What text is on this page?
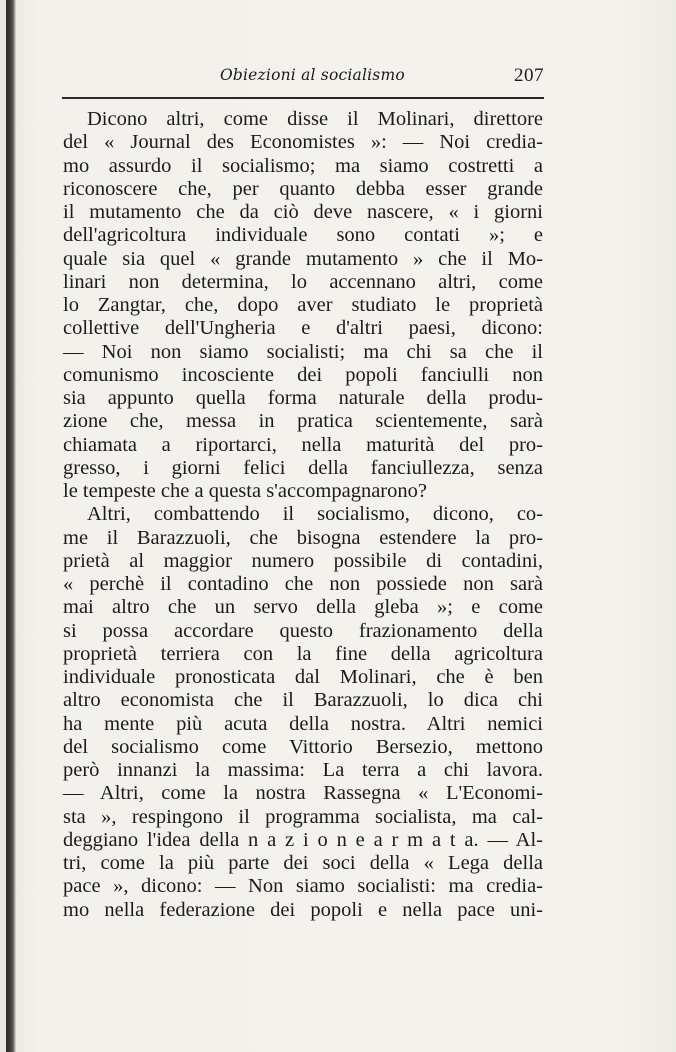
Obiezioni al socialismo	207
Dicono altri, come disse il Molinari, direttore
del « Journal des Economistes »: — Noi credia-
mo assurdo il socialismo; ma siamo costretti a
riconoscere che, per quanto debba esser grande
il mutamento che da ciò deve nascere, « i giorni
dell'agricoltura individuale sono contati »; e
quale sia quel « grande mutamento » che il Mo-
linari non determina, lo accennano altri, come
lo Zangtar, che, dopo aver studiato le proprietà
collettive dell'Ungheria e d'altri paesi, dicono:
— Noi non siamo socialisti; ma chi sa che il
comunismo incosciente dei popoli fanciulli non
sia appunto quella forma naturale della produ-
zione che, messa in pratica scientemente, sarà
chiamata a riportarci, nella maturità del pro-
gresso, i giorni felici della fanciullezza, senza
le tempeste che a questa s'accompagnarono?
Altri, combattendo il socialismo, dicono, co-
me il Barazzuoli, che bisogna estendere la pro-
prietà al maggior numero possibile di contadini,
« perchè il contadino che non possiede non sarà
mai altro che un servo della gleba »; e come
si possa accordare questo frazionamento della
proprietà terriera con la fine della agricoltura
individuale pronosticata dal Molinari, che è ben
altro economista che il Barazzuoli, lo dica chi
ha mente più acuta della nostra. Altri nemici
del socialismo come Vittorio Bersezio, mettono
però innanzi la massima: La terra a chi lavora.
— Altri, come la nostra Rassegna « L'Economi-
sta », respingono il programma socialista, ma cal-
deggiano l'idea della n a z i o n e a r m a t a. — Al-
tri, come la più parte dei soci della « Lega della
pace », dicono: — Non siamo socialisti: ma credia-
mo nella federazione dei popoli e nella pace uni-
